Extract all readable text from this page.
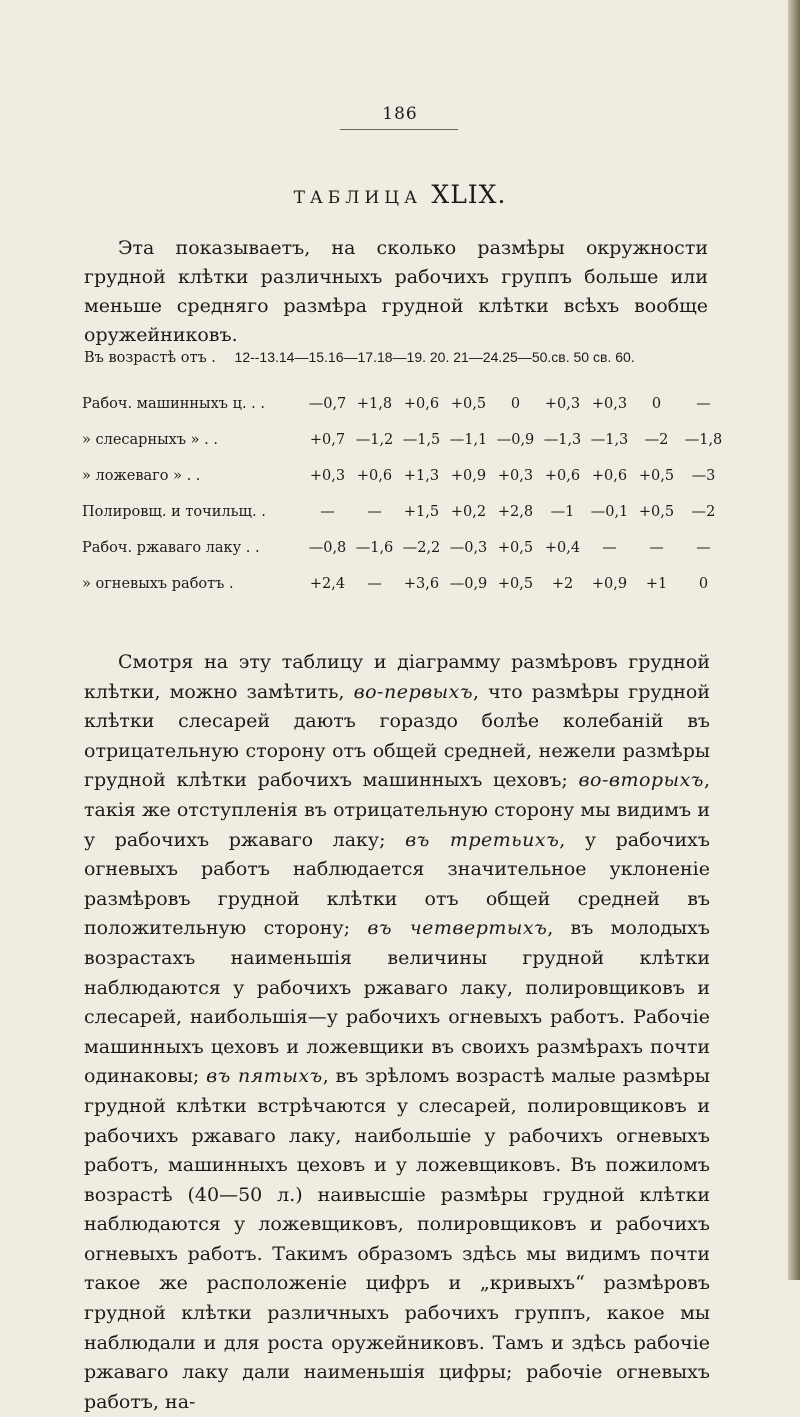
186
ТАБЛИЦА XLIX.
Эта показываетъ, на сколько размѣры окружности грудной клѣтки различныхъ рабочихъ группъ больше или меньше средняго размѣра грудной клѣтки всѣхъ вообще оружейниковъ.
Въ возрастѣ отъ . 12--13.14—15.16—17.18—19. 20. 21—24.25—50.св. 50 св. 60.
Рабоч. машинныхъ ц. . .	—0,7	+1,8	+0,6	+0,5	0	+0,3	+0,3	0	—
» слесарныхъ » . .	+0,7	—1,2	—1,5	—1,1	—0,9	—1,3	—1,3	—2	—1,8
» ложеваго » . .	+0,3	+0,6	+1,3	+0,9	+0,3	+0,6	+0,6	+0,5	—3
Полировщ. и точильщ. .	—	—	+1,5	+0,2	+2,8	—1	—0,1	+0,5	—2
Рабоч. ржаваго лаку . .	—0,8	—1,6	—2,2	—0,3	+0,5	+0,4	—	—	—
» огневыхъ работъ .	+2,4	—	+3,6	—0,9	+0,5	+2	+0,9	+1	0

Смотря на эту таблицу и діаграмму размѣровъ грудной клѣтки, можно замѣтить, во-первыхъ, что размѣры грудной клѣтки слесарей даютъ гораздо болѣе колебаній въ отрицательную сторону отъ общей средней, нежели размѣры грудной клѣтки рабочихъ машинныхъ цеховъ; во-вторыхъ, такія же отступленія въ отрицательную сторону мы видимъ и у рабочихъ ржаваго лаку; въ третьихъ, у рабочихъ огневыхъ работъ наблюдается значительное уклоненіе размѣровъ грудной клѣтки отъ общей средней въ положительную сторону; въ четвертыхъ, въ молодыхъ возрастахъ наименьшія величины грудной клѣтки наблюдаются у рабочихъ ржаваго лаку, полировщиковъ и слесарей, наибольшія—у рабочихъ огневыхъ работъ. Рабочіе машинныхъ цеховъ и ложевщики въ своихъ размѣрахъ почти одинаковы; въ пятыхъ, въ зрѣломъ возрастѣ малые размѣры грудной клѣтки встрѣчаются у слесарей, полировщиковъ и рабочихъ ржаваго лаку, наибольшіе у рабочихъ огневыхъ работъ, машинныхъ цеховъ и у ложевщиковъ. Въ пожиломъ возрастѣ (40—50 л.) наивысшіе размѣры грудной клѣтки наблюдаются у ложевщиковъ, полировщиковъ и рабочихъ огневыхъ работъ. Такимъ образомъ здѣсь мы видимъ почти такое же расположеніе цифръ и „кривыхъ“ размѣровъ грудной клѣтки различныхъ рабочихъ группъ, какое мы наблюдали и для роста оружейниковъ. Тамъ и здѣсь рабочіе ржаваго лаку дали наименьшія цифры; рабочіе огневыхъ работъ, на-
